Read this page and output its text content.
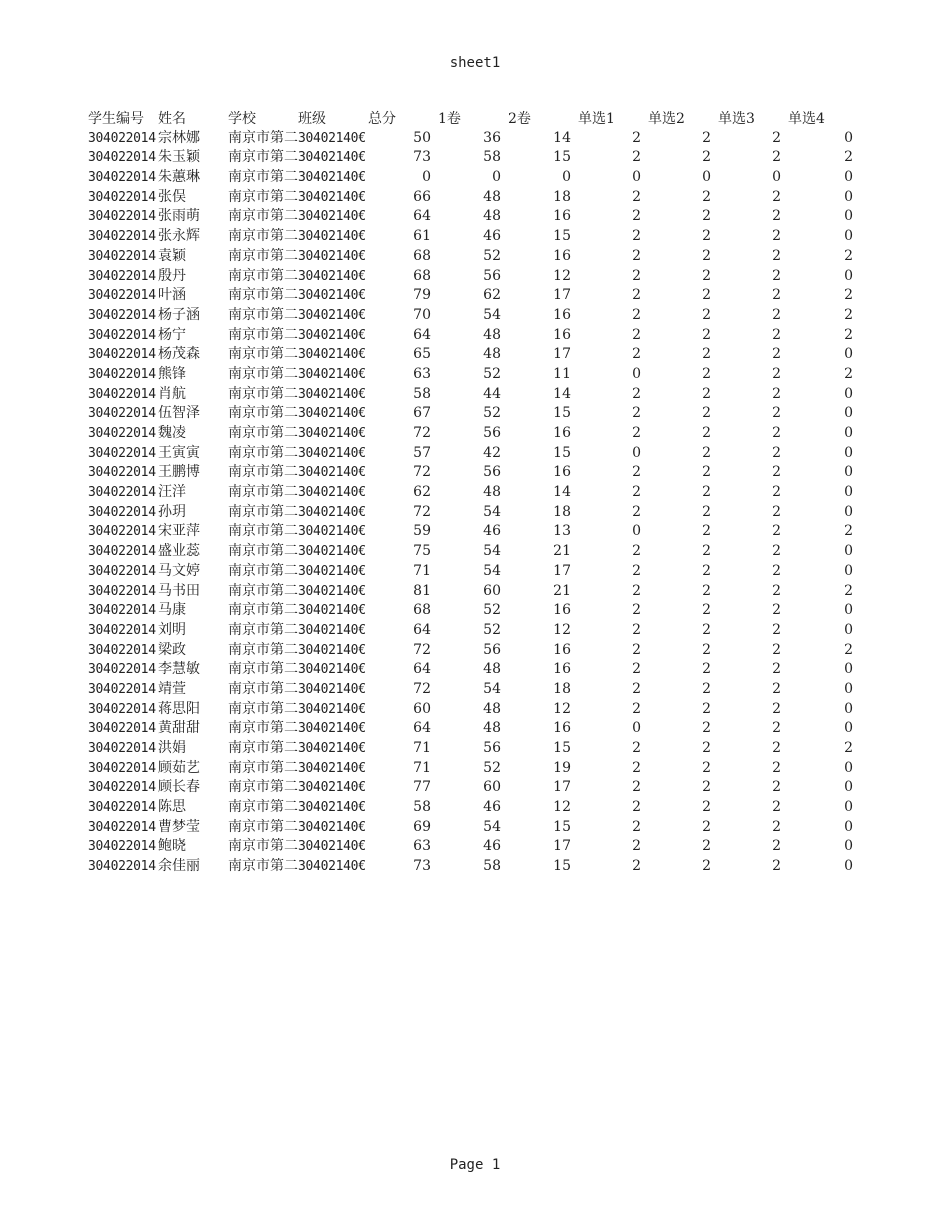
sheet1
学生编号	姓名	学校	班级	总分	1卷	2卷	单选1	单选2	单选3	单选4
304022014 宗林娜	南京市第二 30402140€	50	36	14	2	2	2	0
304022014 朱玉颖	南京市第二 30402140€	73	58	15	2	2	2	2
304022014 朱蕙琳	南京市第二 30402140€	0	0	0	0	0	0	0
304022014 张俣	南京市第二 30402140€	66	48	18	2	2	2	0
304022014 张雨萌	南京市第二 30402140€	64	48	16	2	2	2	0
304022014 张永辉	南京市第二 30402140€	61	46	15	2	2	2	0
304022014 袁颖	南京市第二 30402140€	68	52	16	2	2	2	2
304022014 殷丹	南京市第二 30402140€	68	56	12	2	2	2	0
304022014 叶涵	南京市第二 30402140€	79	62	17	2	2	2	2
304022014 杨子涵	南京市第二 30402140€	70	54	16	2	2	2	2
304022014 杨宁	南京市第二 30402140€	64	48	16	2	2	2	2
304022014 杨茂森	南京市第二 30402140€	65	48	17	2	2	2	0
304022014 熊锋	南京市第二 30402140€	63	52	11	0	2	2	2
304022014 肖航	南京市第二 30402140€	58	44	14	2	2	2	0
304022014 伍智泽	南京市第二 30402140€	67	52	15	2	2	2	0
304022014 魏凌	南京市第二 30402140€	72	56	16	2	2	2	0
304022014 王寅寅	南京市第二 30402140€	57	42	15	0	2	2	0
304022014 王鹏博	南京市第二 30402140€	72	56	16	2	2	2	0
304022014 汪洋	南京市第二 30402140€	62	48	14	2	2	2	0
304022014 孙玥	南京市第二 30402140€	72	54	18	2	2	2	0
304022014 宋亚萍	南京市第二 30402140€	59	46	13	0	2	2	2
304022014 盛业蕊	南京市第二 30402140€	75	54	21	2	2	2	0
304022014 马文婷	南京市第二 30402140€	71	54	17	2	2	2	0
304022014 马书田	南京市第二 30402140€	81	60	21	2	2	2	2
304022014 马康	南京市第二 30402140€	68	52	16	2	2	2	0
304022014 刘明	南京市第二 30402140€	64	52	12	2	2	2	0
304022014 梁政	南京市第二 30402140€	72	56	16	2	2	2	2
304022014 李慧敏	南京市第二 30402140€	64	48	16	2	2	2	0
304022014 靖萱	南京市第二 30402140€	72	54	18	2	2	2	0
304022014 蒋思阳	南京市第二 30402140€	60	48	12	2	2	2	0
304022014 黄甜甜	南京市第二 30402140€	64	48	16	0	2	2	0
304022014 洪娟	南京市第二 30402140€	71	56	15	2	2	2	2
304022014 顾茹艺	南京市第二 30402140€	71	52	19	2	2	2	0
304022014 顾长春	南京市第二 30402140€	77	60	17	2	2	2	0
304022014 陈思	南京市第二 30402140€	58	46	12	2	2	2	0
304022014 曹梦莹	南京市第二 30402140€	69	54	15	2	2	2	0
304022014 鲍晓	南京市第二 30402140€	63	46	17	2	2	2	0
304022014 余佳丽	南京市第二 30402140€	73	58	15	2	2	2	0
Page 1
